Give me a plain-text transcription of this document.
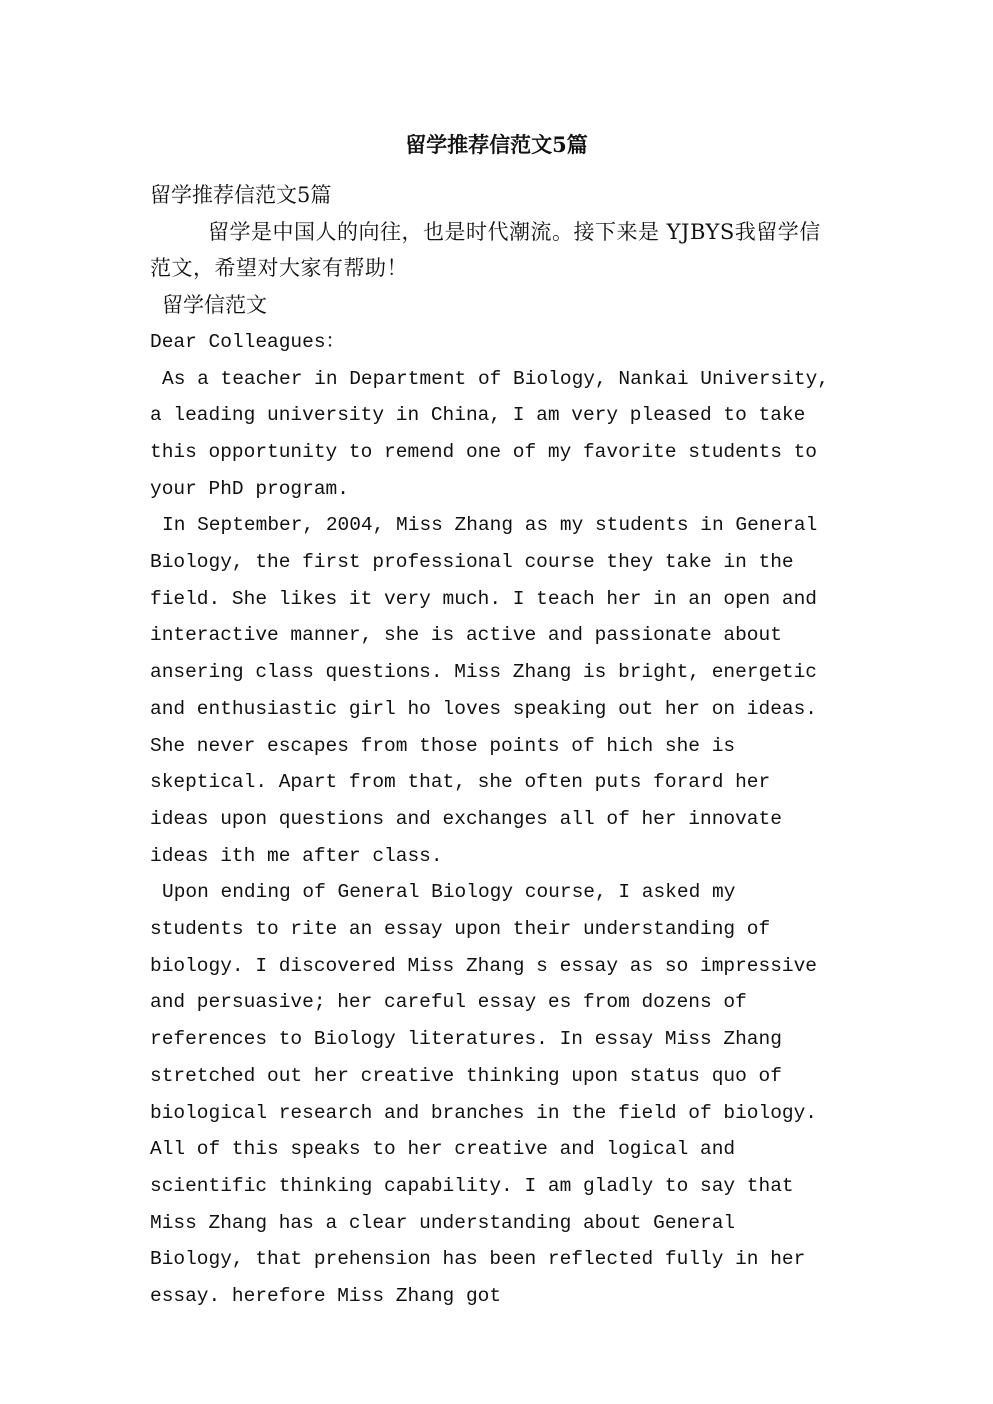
留学推荐信范文5篇

留学推荐信范文5篇

留学是中国人的向往，也是时代潮流。接下来是 YJBYS我留学信范文，希望对大家有帮助！

留学信范文

Dear Colleagues：

As a teacher in Department of Biology, Nankai University, a leading university in China, I am very pleased to take this opportunity to remend one of my favorite students to your PhD program.

In September, 2004, Miss Zhang as my students in General Biology, the first professional course they take in the field. She likes it very much. I teach her in an open and interactive manner, she is active and passionate about ansering class questions. Miss Zhang is bright, energetic and enthusiastic girl ho loves speaking out her on ideas. She never escapes from those points of hich she is skeptical. Apart from that, she often puts forard her ideas upon questions and exchanges all of her innovate ideas ith me after class.

Upon ending of General Biology course, I asked my students to rite an essay upon their understanding of biology. I discovered Miss Zhang s essay as so impressive and persuasive; her careful essay es from dozens of references to Biology literatures. In essay Miss Zhang stretched out her creative thinking upon status quo of biological research and branches in the field of biology. All of this speaks to her creative and logical and scientific thinking capability. I am gladly to say that Miss Zhang has a clear understanding about General Biology, that prehension has been reflected fully in her essay. herefore Miss Zhang got
